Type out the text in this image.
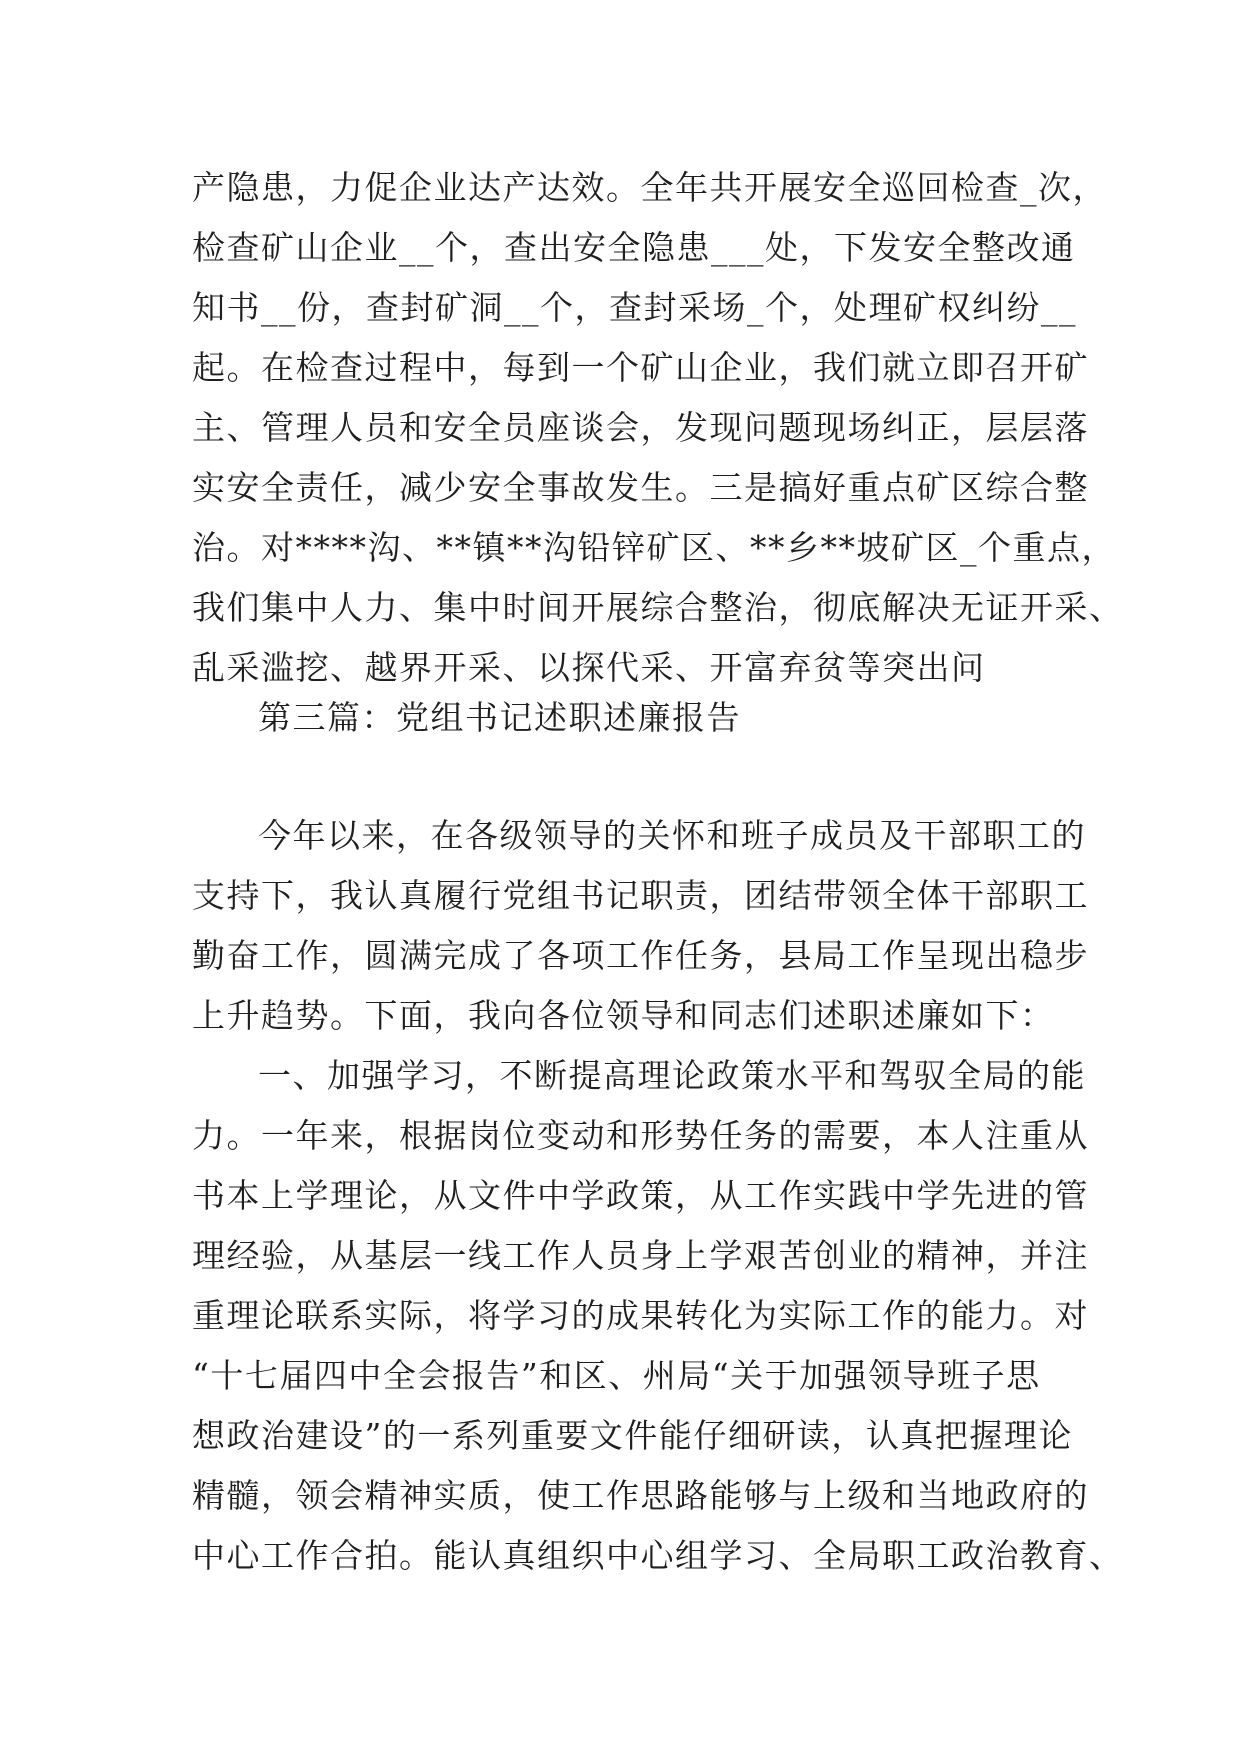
产隐患，力促企业达产达效。全年共开展安全巡回检查_次，
检查矿山企业__个，查出安全隐患___处，下发安全整改通
知书__份，查封矿洞__个，查封采场_个，处理矿权纠纷__
起。在检查过程中，每到一个矿山企业，我们就立即召开矿
主、管理人员和安全员座谈会，发现问题现场纠正，层层落
实安全责任，减少安全事故发生。三是搞好重点矿区综合整
治。对****沟、**镇**沟铅锌矿区、**乡**坡矿区_个重点，
我们集中人力、集中时间开展综合整治，彻底解决无证开采、
乱采滥挖、越界开采、以探代采、开富弃贫等突出问
第三篇：党组书记述职述廉报告
今年以来，在各级领导的关怀和班子成员及干部职工的
支持下，我认真履行党组书记职责，团结带领全体干部职工
勤奋工作，圆满完成了各项工作任务，县局工作呈现出稳步
上升趋势。下面，我向各位领导和同志们述职述廉如下：
一、加强学习，不断提高理论政策水平和驾驭全局的能
力。一年来，根据岗位变动和形势任务的需要，本人注重从
书本上学理论，从文件中学政策，从工作实践中学先进的管
理经验，从基层一线工作人员身上学艰苦创业的精神，并注
重理论联系实际，将学习的成果转化为实际工作的能力。对
“十七届四中全会报告”和区、州局“关于加强领导班子思
想政治建设”的一系列重要文件能仔细研读，认真把握理论
精髓，领会精神实质，使工作思路能够与上级和当地政府的
中心工作合拍。能认真组织中心组学习、全局职工政治教育、
